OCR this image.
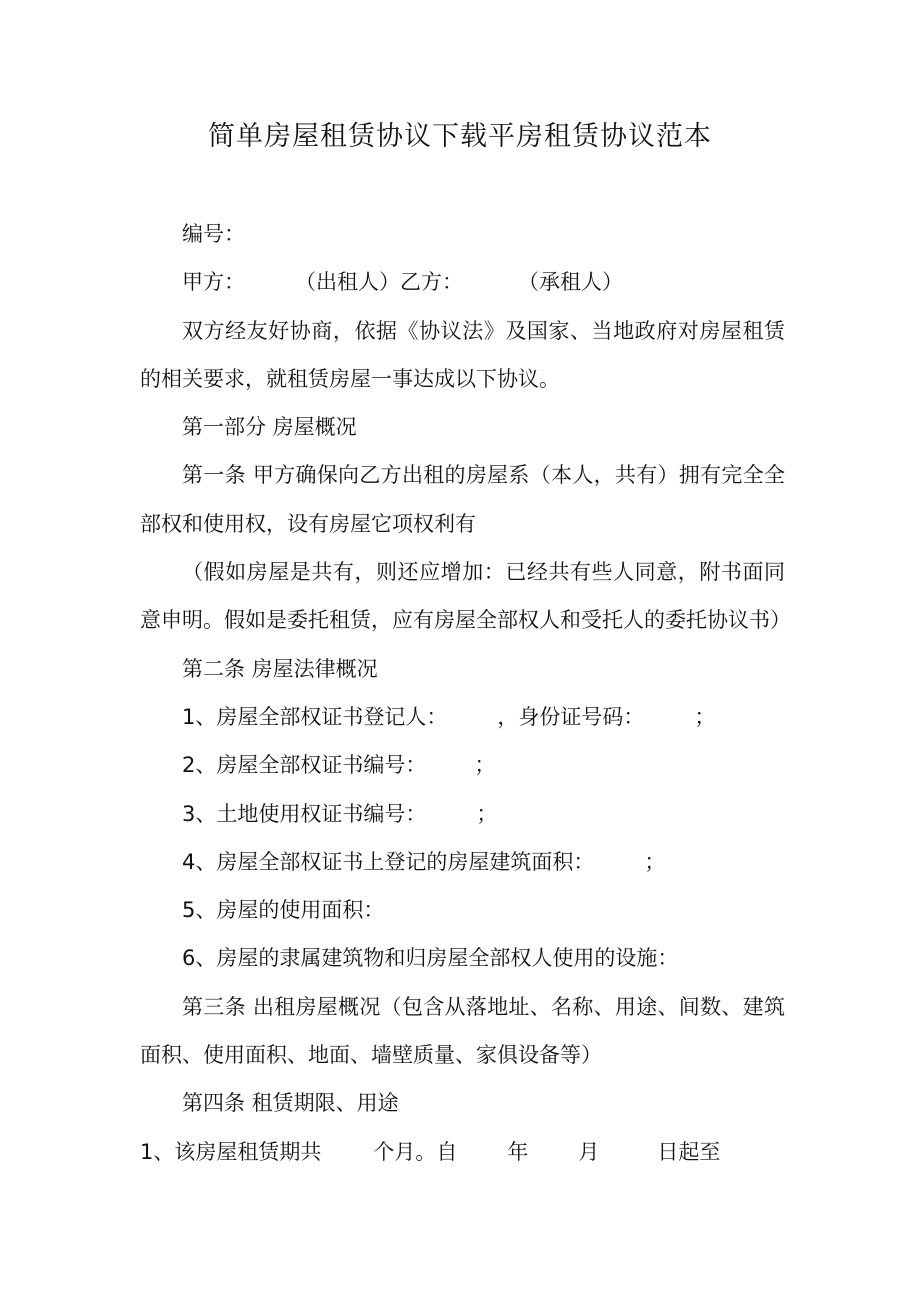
简单房屋租赁协议下载平房租赁协议范本

编号：

甲方： （出租人）乙方：	（承租人）

双方经友好协商，依据《协议法》及国家、当地政府对房屋租赁的相关要求，就租赁房屋一事达成以下协议。

第一部分 房屋概况

第一条 甲方确保向乙方出租的房屋系（本人，共有）拥有完全全部权和使用权，设有房屋它项权利有

（假如房屋是共有，则还应增加：已经共有些人同意，附书面同意申明。假如是委托租赁，应有房屋全部权人和受托人的委托协议书）

第二条 房屋法律概况

1、房屋全部权证书登记人： ，身份证号码： ；

2、房屋全部权证书编号： ；

3、土地使用权证书编号： ；

4、房屋全部权证书上登记的房屋建筑面积： ；

5、房屋的使用面积：

6、房屋的隶属建筑物和归房屋全部权人使用的设施：

第三条 出租房屋概况（包含从落地址、名称、用途、间数、建筑面积、使用面积、地面、墙壁质量、家俱设备等）

第四条 租赁期限、用途

1、该房屋租赁期共 个月。自 年 月	日起至
